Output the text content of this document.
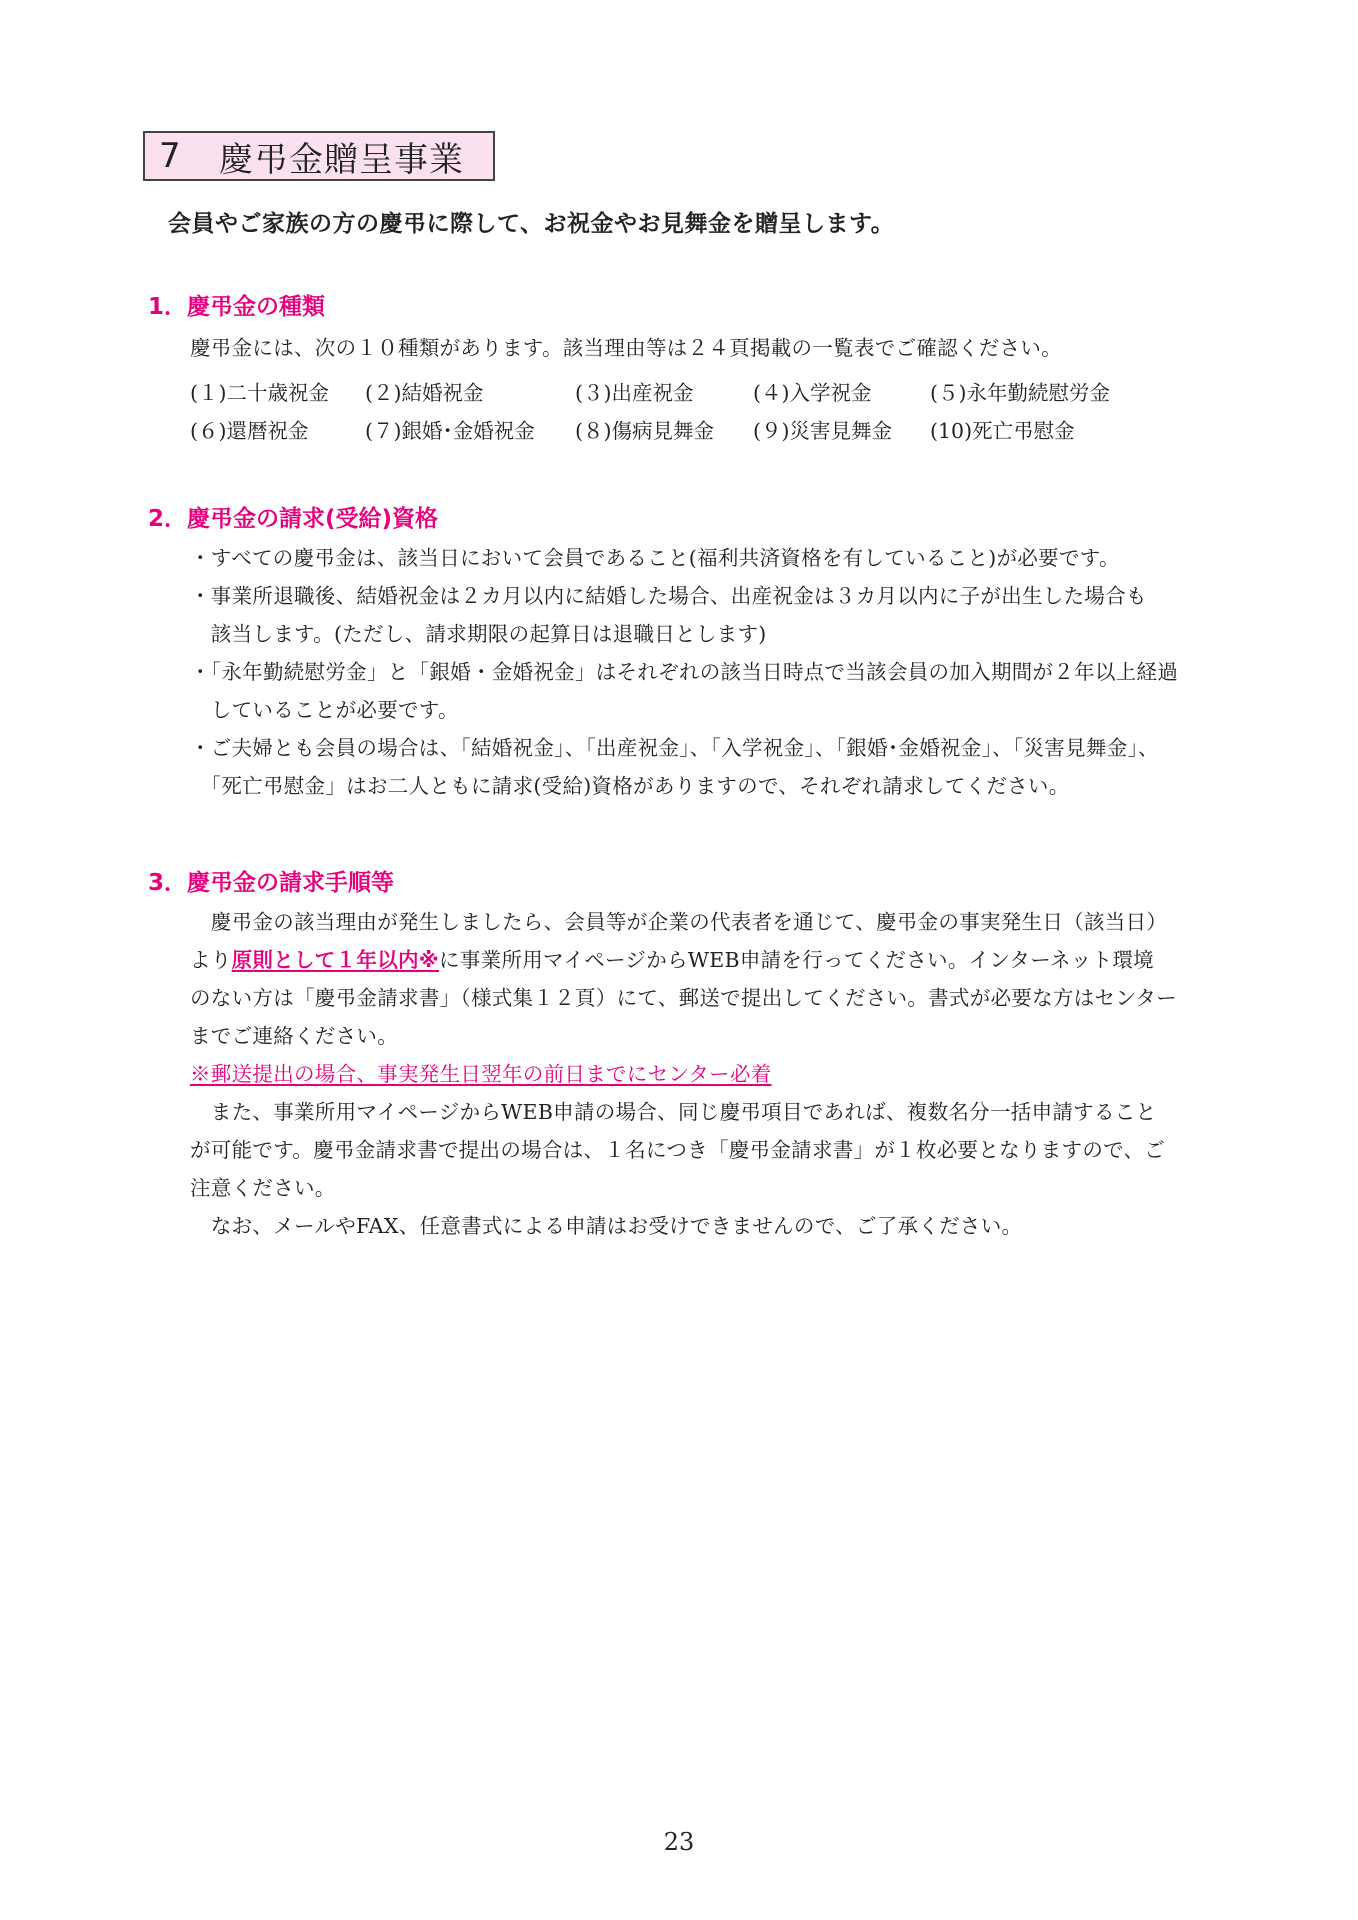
7	慶弔金贈呈事業
会員やご家族の方の慶弔に際して、お祝金やお見舞金を贈呈します。
1．慶弔金の種類
慶弔金には、次の１０種類があります。該当理由等は２４頁掲載の一覧表でご確認ください。
(１)二十歳祝金	(２)結婚祝金	(３)出産祝金	(４)入学祝金	(５)永年勤続慰労金
(６)還暦祝金	(７)銀婚･金婚祝金	(８)傷病見舞金	(９)災害見舞金	(10)死亡弔慰金
2．慶弔金の請求(受給)資格
・すべての慶弔金は、該当日において会員であること(福利共済資格を有していること)が必要です。
・事業所退職後、結婚祝金は２カ月以内に結婚した場合、出産祝金は３カ月以内に子が出生した場合も
　該当します。(ただし、請求期限の起算日は退職日とします)
・「永年勤続慰労金」と「銀婚・金婚祝金」はそれぞれの該当日時点で当該会員の加入期間が２年以上経過
　していることが必要です。
・ご夫婦とも会員の場合は、「結婚祝金」、「出産祝金」、「入学祝金」、「銀婚･金婚祝金」、「災害見舞金」、
　「死亡弔慰金」はお二人ともに請求(受給)資格がありますので、それぞれ請求してください。
3．慶弔金の請求手順等
　慶弔金の該当理由が発生しましたら、会員等が企業の代表者を通じて、慶弔金の事実発生日（該当日）
より原則として１年以内※に事業所用マイページからWEB申請を行ってください。インターネット環境
のない方は「慶弔金請求書」（様式集１２頁）にて、郵送で提出してください。書式が必要な方はセンター
までご連絡ください。
※郵送提出の場合、事実発生日翌年の前日までにセンター必着
　また、事業所用マイページからWEB申請の場合、同じ慶弔項目であれば、複数名分一括申請すること
が可能です。慶弔金請求書で提出の場合は、１名につき「慶弔金請求書」が１枚必要となりますので、ご
注意ください。
　なお、メールやFAX、任意書式による申請はお受けできませんので、ご了承ください。
23
